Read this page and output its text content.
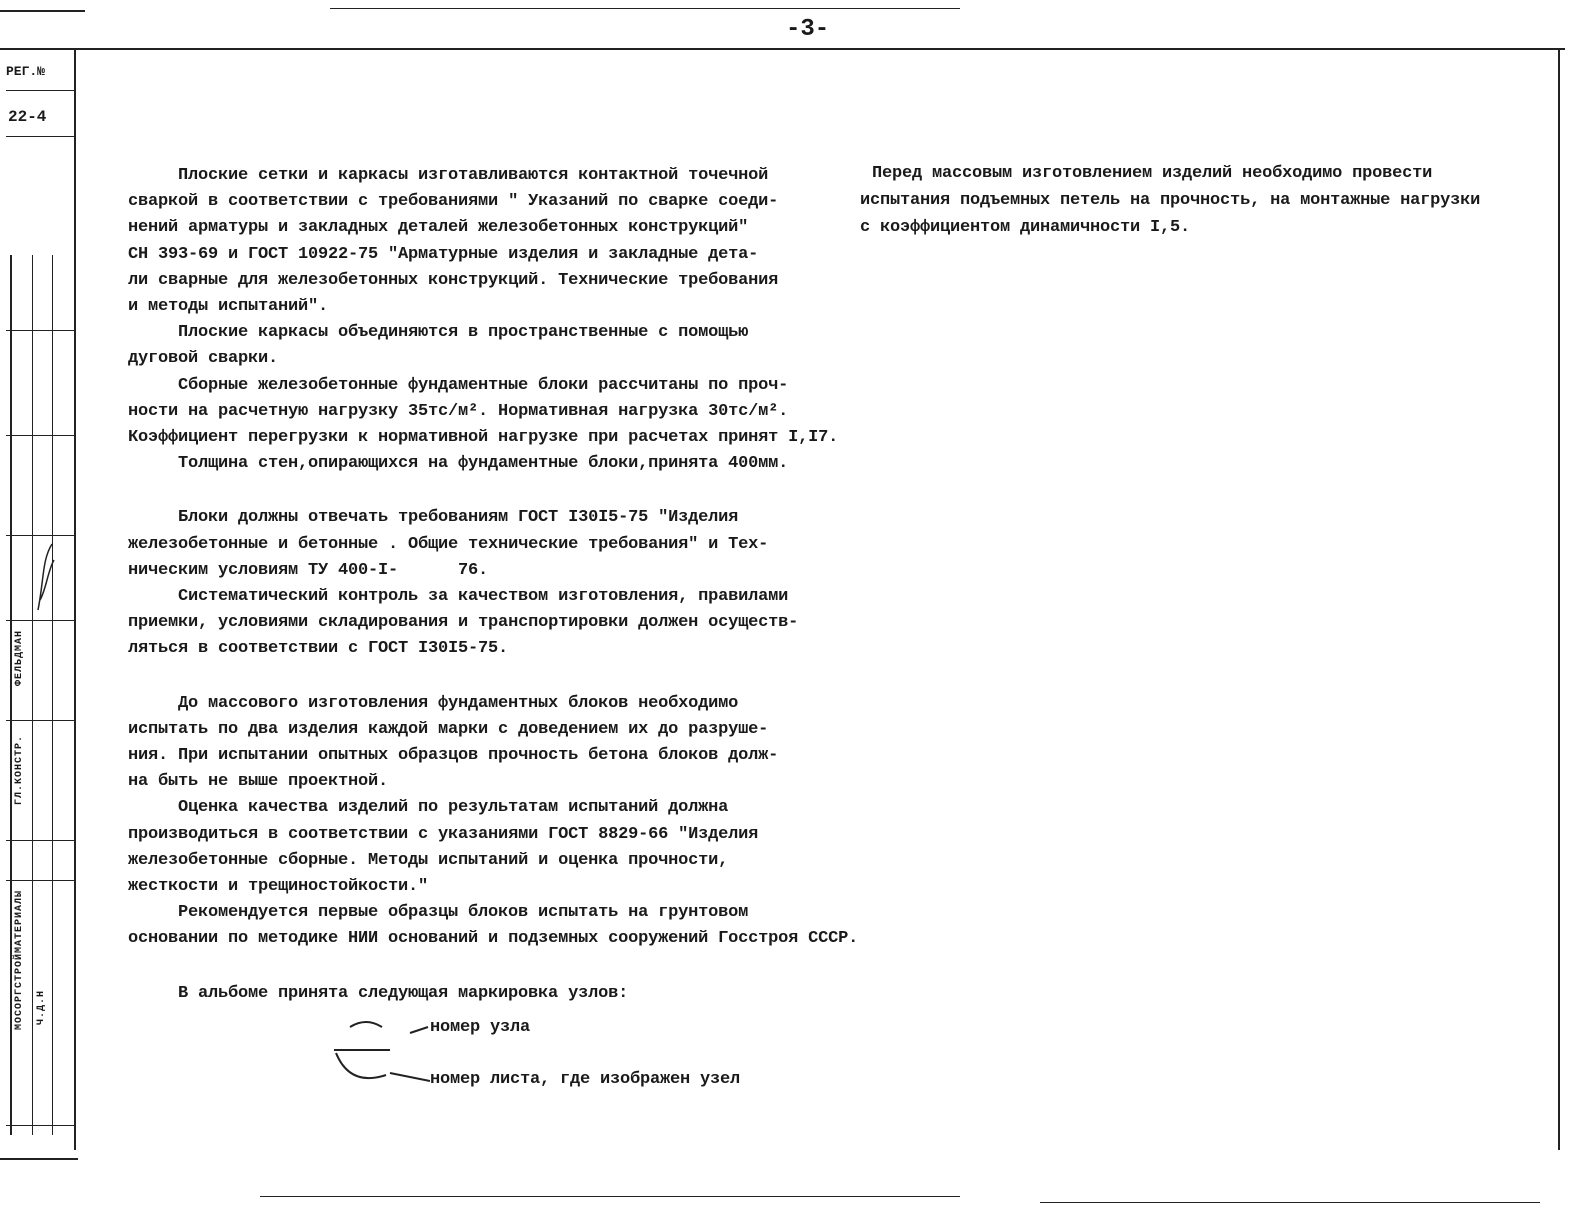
-3-
РЕГ.№
22-4
ГЛ.КОНСТР.
ФЕЛЬДМАН
МОСОРГСТРОЙМАТЕРИАЛЫ Ч.Д.Н
Плоские сетки и каркасы изготавливаются контактной точечной
сваркой в соответствии с требованиями " Указаний по сварке соеди-
нений арматуры и закладных деталей железобетонных конструкций"
СН 393-69 и ГОСТ 10922-75 "Арматурные изделия и закладные дета-
ли сварные для железобетонных конструкций. Технические требования
и методы испытаний".
Плоские каркасы объединяются в пространственные с помощью
дуговой сварки.
Сборные железобетонные фундаментные блоки рассчитаны по проч-
ности на расчетную нагрузку 35тс/м². Нормативная нагрузка 30тс/м².
Коэффициент перегрузки к нормативной нагрузке при расчетах принят I,I7.
Толщина стен,опирающихся на фундаментные блоки,принята 400мм.
Блоки должны отвечать требованиям ГОСТ I30I5-75 "Изделия
железобетонные и бетонные . Общие технические требования" и Тех-
ническим условиям ТУ 400-I-      76.
Систематический контроль за качеством изготовления, правилами
приемки, условиями складирования и транспортировки должен осуществ-
ляться в соответствии с ГОСТ I30I5-75.
До массового изготовления фундаментных блоков необходимо
испытать по два изделия каждой марки с доведением их до разруше-
ния. При испытании опытных образцов прочность бетона блоков долж-
на быть не выше проектной.
Оценка качества изделий по результатам испытаний должна
производиться в соответствии с указаниями ГОСТ 8829-66 "Изделия
железобетонные сборные. Методы испытаний и оценка прочности,
жесткости и трещиностойкости."
Рекомендуется первые образцы блоков испытать на грунтовом
основании по методике НИИ оснований и подземных сооружений Госстроя СССР.
В альбоме принята следующая маркировка узлов:
Перед массовым изготовлением изделий необходимо провести
испытания подъемных петель на прочность, на монтажные нагрузки
с коэффициентом динамичности I,5.
номер узла
номер листа, где изображен узел
